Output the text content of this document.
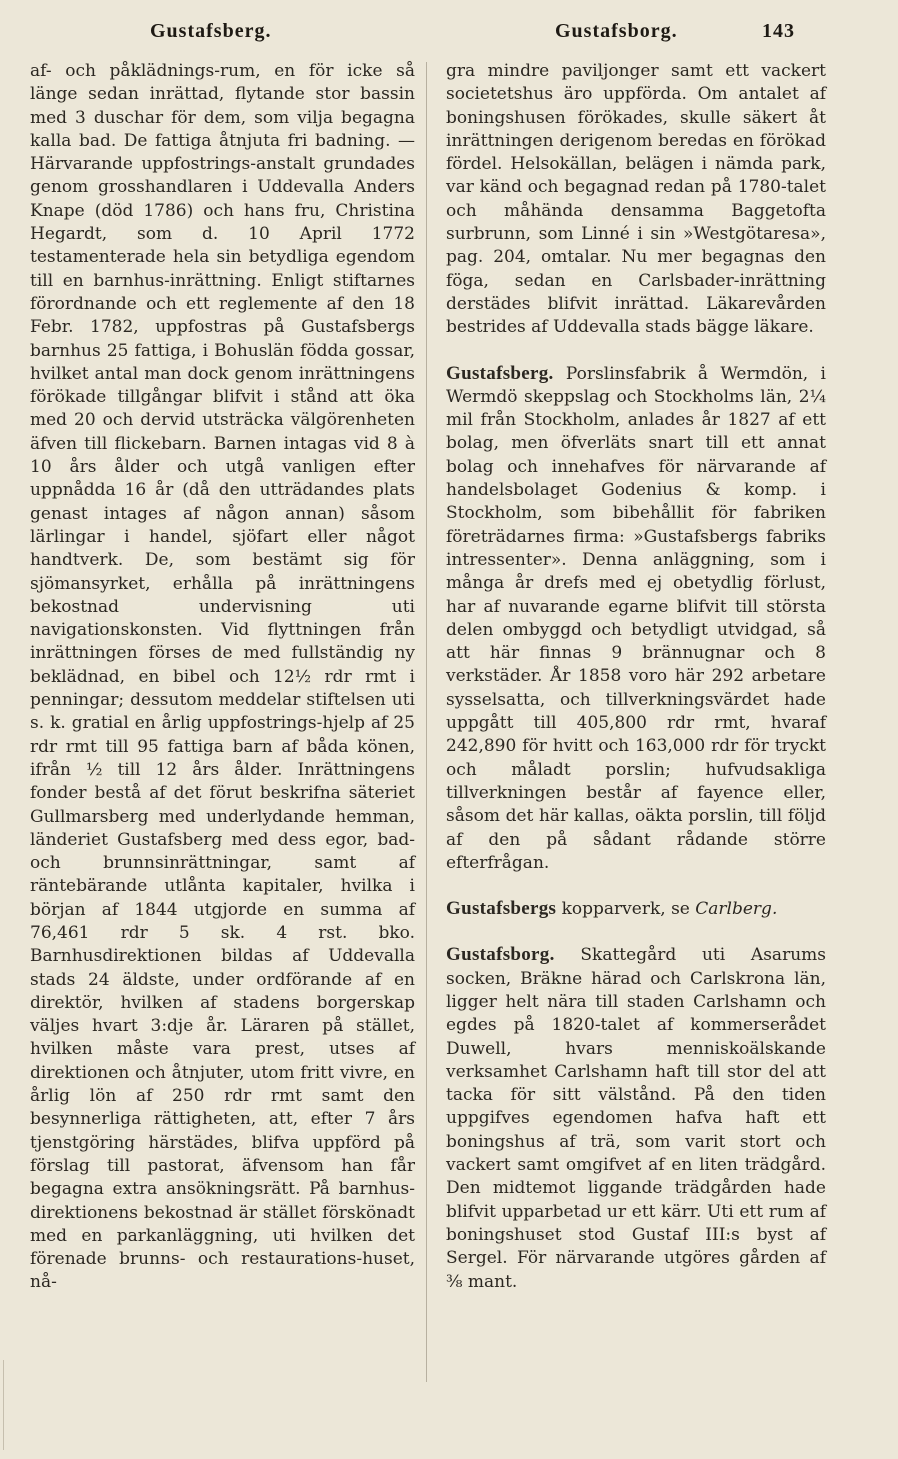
Gustafsberg.	Gustafsborg.	143

af- och påklädnings-rum, en för icke så länge sedan inrättad, flytande stor bassin med 3 duschar för dem, som vilja begagna kalla bad. De fattiga åtnjuta fri badning. — Härvarande uppfostrings-anstalt grundades genom grosshandlaren i Uddevalla Anders Knape (död 1786) och hans fru, Christina Hegardt, som d. 10 April 1772 testamenterade hela sin betydliga egendom till en barnhus-inrättning. Enligt stiftarnes förordnande och ett reglemente af den 18 Febr. 1782, uppfostras på Gustafsbergs barnhus 25 fattiga, i Bohuslän födda gossar, hvilket antal man dock genom inrättningens förökade tillgångar blifvit i stånd att öka med 20 och dervid utsträcka välgörenheten äfven till flickebarn. Barnen intagas vid 8 à 10 års ålder och utgå vanligen efter uppnådda 16 år (då den utträdandes plats genast intages af någon annan) såsom lärlingar i handel, sjöfart eller något handtverk. De, som bestämt sig för sjömansyrket, erhålla på inrättningens bekostnad undervisning uti navigationskonsten. Vid flyttningen från inrättningen förses de med fullständig ny beklädnad, en bibel och 12½ rdr rmt i penningar; dessutom meddelar stiftelsen uti s. k. gratial en årlig uppfostrings-hjelp af 25 rdr rmt till 95 fattiga barn af båda könen, ifrån ½ till 12 års ålder. Inrättningens fonder bestå af det förut beskrifna säteriet Gullmarsberg med underlydande hemman, länderiet Gustafsberg med dess egor, bad- och brunnsinrättningar, samt af räntebärande utlånta kapitaler, hvilka i början af 1844 utgjorde en summa af 76,461 rdr 5 sk. 4 rst. bko. Barnhusdirektionen bildas af Uddevalla stads 24 äldste, under ordförande af en direktör, hvilken af stadens borgerskap väljes hvart 3:dje år. Läraren på stället, hvilken måste vara prest, utses af direktionen och åtnjuter, utom fritt vivre, en årlig lön af 250 rdr rmt samt den besynnerliga rättigheten, att, efter 7 års tjenstgöring härstädes, blifva uppförd på förslag till pastorat, äfvensom han får begagna extra ansökningsrätt. På barnhus-direktionens bekostnad är stället förskönadt med en parkanläggning, uti hvilken det förenade brunns- och restaurations-huset, nå-

gra mindre paviljonger samt ett vackert societetshus äro uppförda. Om antalet af boningshusen förökades, skulle säkert åt inrättningen derigenom beredas en förökad fördel. Helsokällan, belägen i nämda park, var känd och begagnad redan på 1780-talet och måhända densamma Baggetofta surbrunn, som Linné i sin »Westgötaresa», pag. 204, omtalar. Nu mer begagnas den föga, sedan en Carlsbader-inrättning derstädes blifvit inrättad. Läkarevården bestrides af Uddevalla stads bägge läkare.

Gustafsberg. Porslinsfabrik å Wermdön, i Wermdö skeppslag och Stockholms län, 2¼ mil från Stockholm, anlades år 1827 af ett bolag, men öfverläts snart till ett annat bolag och innehafves för närvarande af handelsbolaget Godenius & komp. i Stockholm, som bibehållit för fabriken företrädarnes firma: »Gustafsbergs fabriks intressenter». Denna anläggning, som i många år drefs med ej obetydlig förlust, har af nuvarande egarne blifvit till största delen ombyggd och betydligt utvidgad, så att här finnas 9 brännugnar och 8 verkstäder. År 1858 voro här 292 arbetare sysselsatta, och tillverkningsvärdet hade uppgått till 405,800 rdr rmt, hvaraf 242,890 för hvitt och 163,000 rdr för tryckt och måladt porslin; hufvudsakliga tillverkningen består af fayence eller, såsom det här kallas, oäkta porslin, till följd af den på sådant rådande större efterfrågan.

Gustafsbergs kopparverk, se Carlberg.

Gustafsborg. Skattegård uti Asarums socken, Bräkne härad och Carlskrona län, ligger helt nära till staden Carlshamn och egdes på 1820-talet af kommerserådet Duwell, hvars menniskoälskande verksamhet Carlshamn haft till stor del att tacka för sitt välstånd. På den tiden uppgifves egendomen hafva haft ett boningshus af trä, som varit stort och vackert samt omgifvet af en liten trädgård. Den midtemot liggande trädgården hade blifvit upparbetad ur ett kärr. Uti ett rum af boningshuset stod Gustaf III:s byst af Sergel. För närvarande utgöres gården af ⅜ mant.
